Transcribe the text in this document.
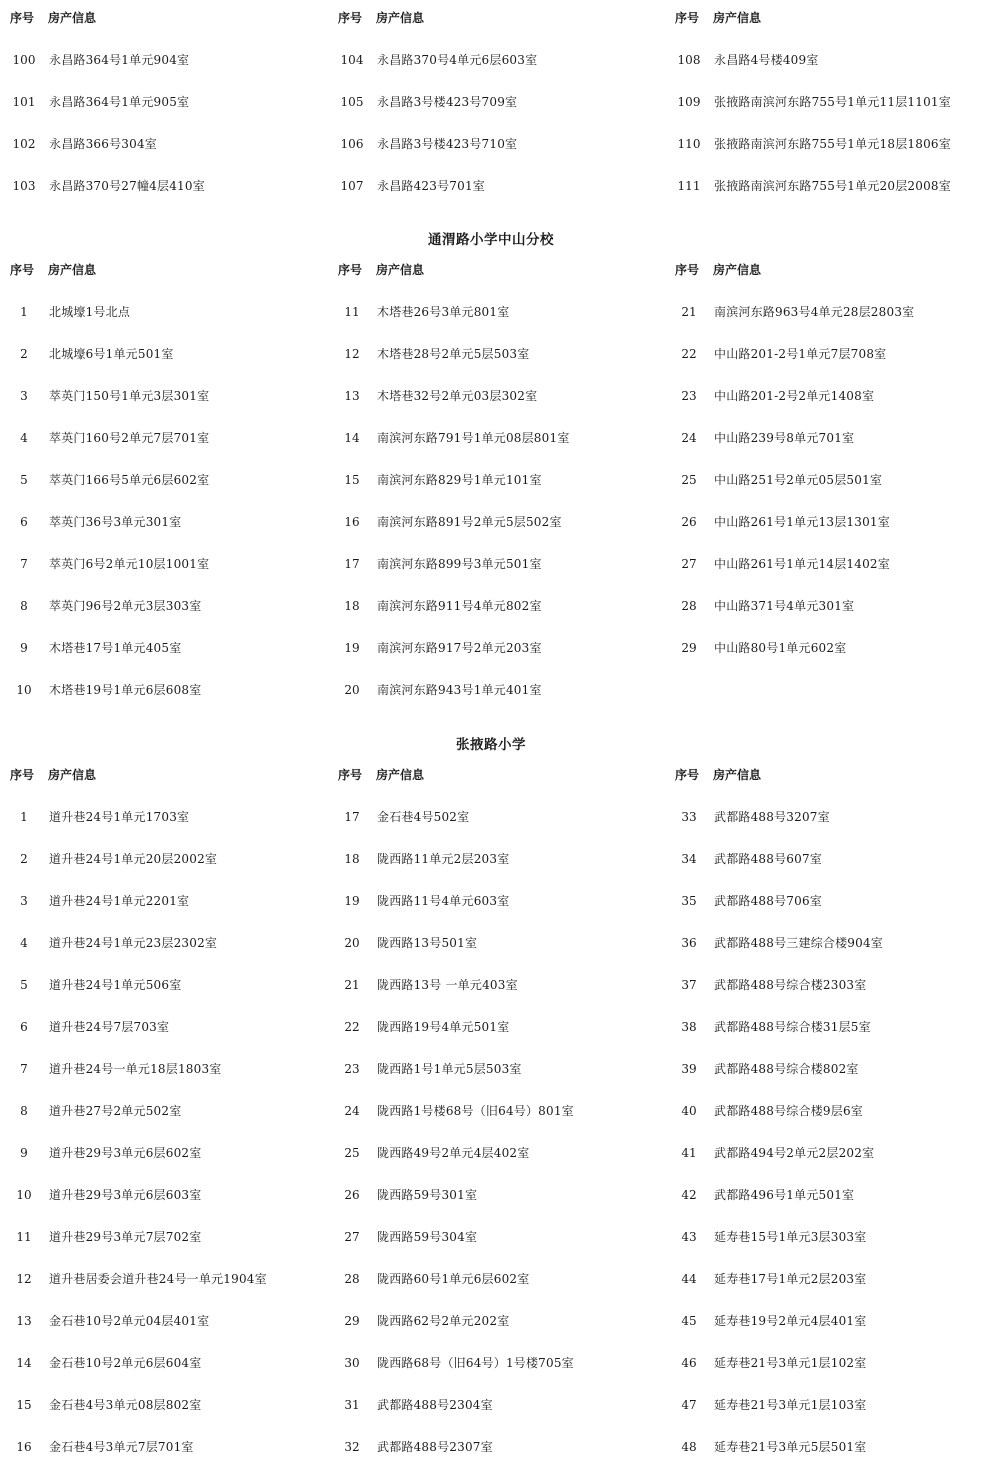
序号	房产信息
100 永昌路364号1单元904室
101 永昌路364号1单元905室
102 永昌路366号304室
103 永昌路370号27幢4层410室
序号	房产信息
104 永昌路370号4单元6层603室
105 永昌路3号楼423号709室
106 永昌路3号楼423号710室
107 永昌路423号701室
序号	房产信息
108 永昌路4号楼409室
109 张掖路南滨河东路755号1单元11层1101室
110 张掖路南滨河东路755号1单元18层1806室
111 张掖路南滨河东路755号1单元20层2008室
通渭路小学中山分校
序号	房产信息
1	北城壕1号北点
2	北城壕6号1单元501室
3	萃英门150号1单元3层301室
4	萃英门160号2单元7层701室
5	萃英门166号5单元6层602室
6	萃英门36号3单元301室
7	萃英门6号2单元10层1001室
8	萃英门96号2单元3层303室
9	木塔巷17号1单元405室
10	木塔巷19号1单元6层608室
序号	房产信息
11	木塔巷26号3单元801室
12	木塔巷28号2单元5层503室
13	木塔巷32号2单元03层302室
14	南滨河东路791号1单元08层801室
15	南滨河东路829号1单元101室
16	南滨河东路891号2单元5层502室
17	南滨河东路899号3单元501室
18	南滨河东路911号4单元802室
19	南滨河东路917号2单元203室
20	南滨河东路943号1单元401室
序号	房产信息
21	南滨河东路963号4单元28层2803室
22	中山路201-2号1单元7层708室
23	中山路201-2号2单元1408室
24	中山路239号8单元701室
25	中山路251号2单元05层501室
26	中山路261号1单元13层1301室
27	中山路261号1单元14层1402室
28	中山路371号4单元301室
29	中山路80号1单元602室
张掖路小学
序号	房产信息
1	道升巷24号1单元1703室
2	道升巷24号1单元20层2002室
3	道升巷24号1单元2201室
4	道升巷24号1单元23层2302室
5	道升巷24号1单元506室
6	道升巷24号7层703室
7	道升巷24号一单元18层1803室
8	道升巷27号2单元502室
9	道升巷29号3单元6层602室
10	道升巷29号3单元6层603室
11	道升巷29号3单元7层702室
12	道升巷居委会道升巷24号一单元1904室
13	金石巷10号2单元04层401室
14	金石巷10号2单元6层604室
15	金石巷4号3单元08层802室
16	金石巷4号3单元7层701室
序号	房产信息
17	金石巷4号502室
18	陇西路11单元2层203室
19	陇西路11号4单元603室
20	陇西路13号501室
21	陇西路13号 一单元403室
22	陇西路19号4单元501室
23	陇西路1号1单元5层503室
24	陇西路1号楼68号（旧64号）801室
25	陇西路49号2单元4层402室
26	陇西路59号301室
27	陇西路59号304室
28	陇西路60号1单元6层602室
29	陇西路62号2单元202室
30	陇西路68号（旧64号）1号楼705室
31	武都路488号2304室
32	武都路488号2307室
序号	房产信息
33	武都路488号3207室
34	武都路488号607室
35	武都路488号706室
36	武都路488号三建综合楼904室
37	武都路488号综合楼2303室
38	武都路488号综合楼31层5室
39	武都路488号综合楼802室
40	武都路488号综合楼9层6室
41	武都路494号2单元2层202室
42	武都路496号1单元501室
43	延寿巷15号1单元3层303室
44	延寿巷17号1单元2层203室
45	延寿巷19号2单元4层401室
46	延寿巷21号3单元1层102室
47	延寿巷21号3单元1层103室
48	延寿巷21号3单元5层501室
